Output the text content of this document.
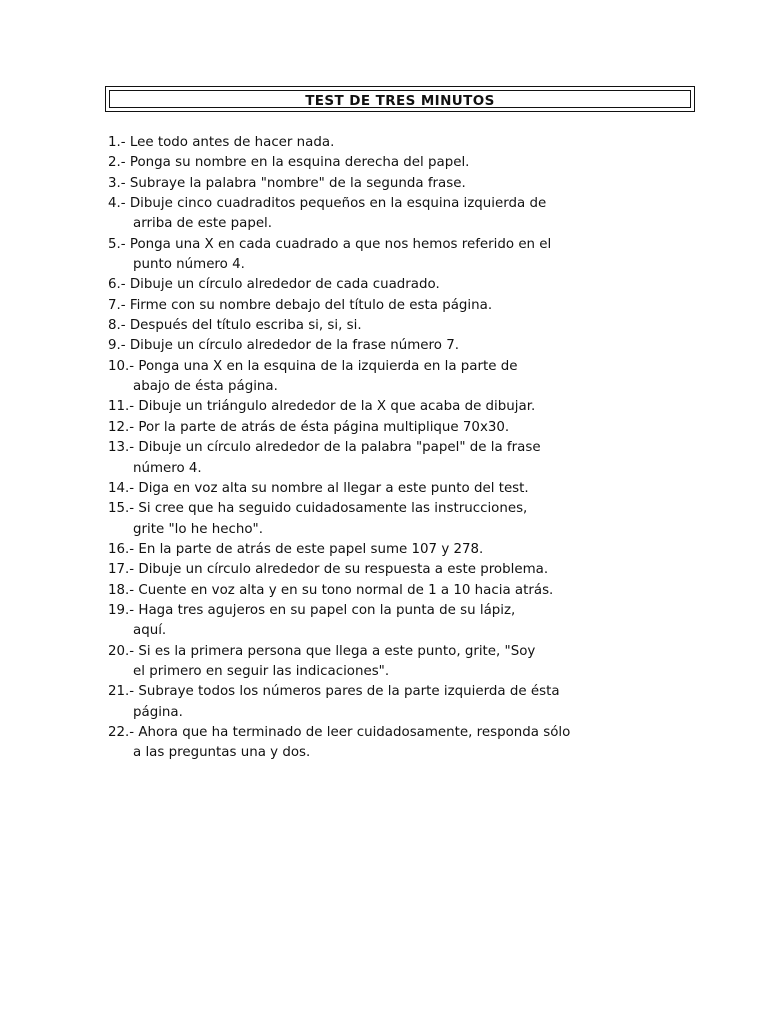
TEST DE TRES MINUTOS
1.- Lee todo antes de hacer nada.
2.- Ponga su nombre en la esquina derecha del papel.
3.- Subraye la palabra "nombre" de la segunda frase.
4.- Dibuje cinco cuadraditos pequeños en la esquina izquierda de
arriba de este papel.
5.- Ponga una X en cada cuadrado a que nos hemos referido en el
punto número 4.
6.- Dibuje un círculo alrededor de cada cuadrado.
7.- Firme con su nombre debajo del título de esta página.
8.- Después del título escriba si, si, si.
9.- Dibuje un círculo alrededor de la frase número 7.
10.- Ponga una X en la esquina de la izquierda en la parte de
abajo de ésta página.
11.- Dibuje un triángulo alrededor de la X que acaba de dibujar.
12.- Por la parte de atrás de ésta página multiplique 70x30.
13.- Dibuje un círculo alrededor de la palabra "papel" de la frase
número 4.
14.- Diga en voz alta su nombre al llegar a este punto del test.
15.- Si cree que ha seguido cuidadosamente las instrucciones,
grite "lo he hecho".
16.- En la parte de atrás de este papel sume 107 y 278.
17.- Dibuje un círculo alrededor de su respuesta a este problema.
18.- Cuente en voz alta y en su tono normal de 1 a 10 hacia atrás.
19.- Haga tres agujeros en su papel con la punta de su lápiz,
aquí.
20.- Si es la primera persona que llega a este punto, grite, "Soy
el primero en seguir las indicaciones".
21.- Subraye todos los números pares de la parte izquierda de ésta
página.
22.- Ahora que ha terminado de leer cuidadosamente, responda sólo
a las preguntas una y dos.
